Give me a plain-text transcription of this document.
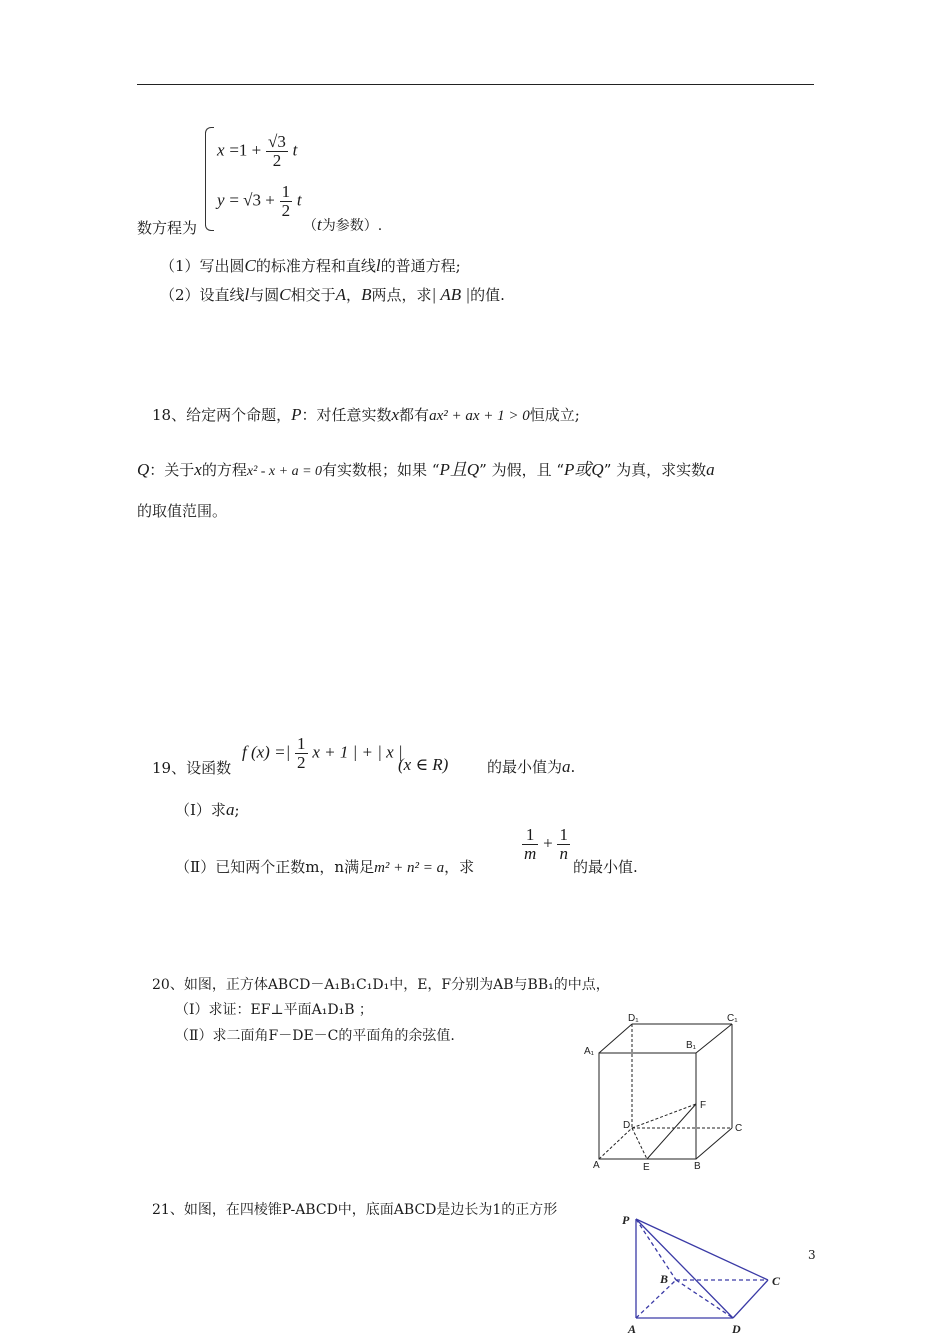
$x =1 + \frac{√3}{2}$ t
$y = √3 + \frac{1}{2}$ t
数方程为	（t为参数）.
（1）写出圆C的标准方程和直线l的普通方程;
（2）设直线l与圆C相交于A，B两点，求| AB |的值.
18、给定两个命题，P：对任意实数x都有ax² + ax + 1 > 0恒成立;
Q：关于x的方程x² - x + a = 0有实数根；如果 “P且Q” 为假，且 “P或Q” 为真，求实数a
的取值范围。
f (x) =| $\frac{1}{2}$ x + 1 | + | x |
(x ∈ R)
19、设函数	的最小值为a.
（Ⅰ）求a;
（Ⅱ）已知两个正数m，n满足m² + n² = a，求
$\frac{1}{m} + \frac{1}{n}$
的最小值.
20、如图，正方体ABCD－A₁B₁C₁D₁中，E，F分别为AB与BB₁的中点，
（Ⅰ）求证：EF⊥平面A₁D₁B ；
（Ⅱ）求二面角F－DE－C的平面角的余弦值.
D₁	C₁
A₁
B₁
F
D	C
A	E	B
21、如图，在四棱锥P-ABCD中，底面ABCD是边长为1的正方形
P
B	C
A	D
3
